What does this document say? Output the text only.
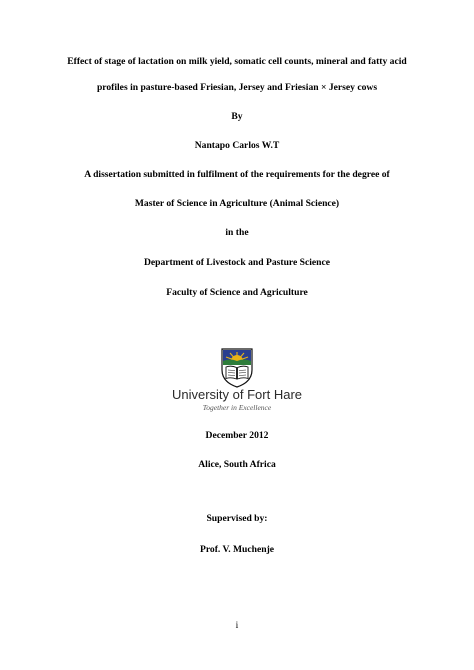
Effect of stage of lactation on milk yield, somatic cell counts, mineral and fatty acid
profiles in pasture-based Friesian, Jersey and Friesian × Jersey cows
By
Nantapo Carlos W.T
A dissertation submitted in fulfilment of the requirements for the degree of
Master of Science in Agriculture (Animal Science)
in the
Department of Livestock and Pasture Science
Faculty of Science and Agriculture
University of Fort Hare
Together in Excellence
December 2012
Alice, South Africa
Supervised by:
Prof. V. Muchenje
i
